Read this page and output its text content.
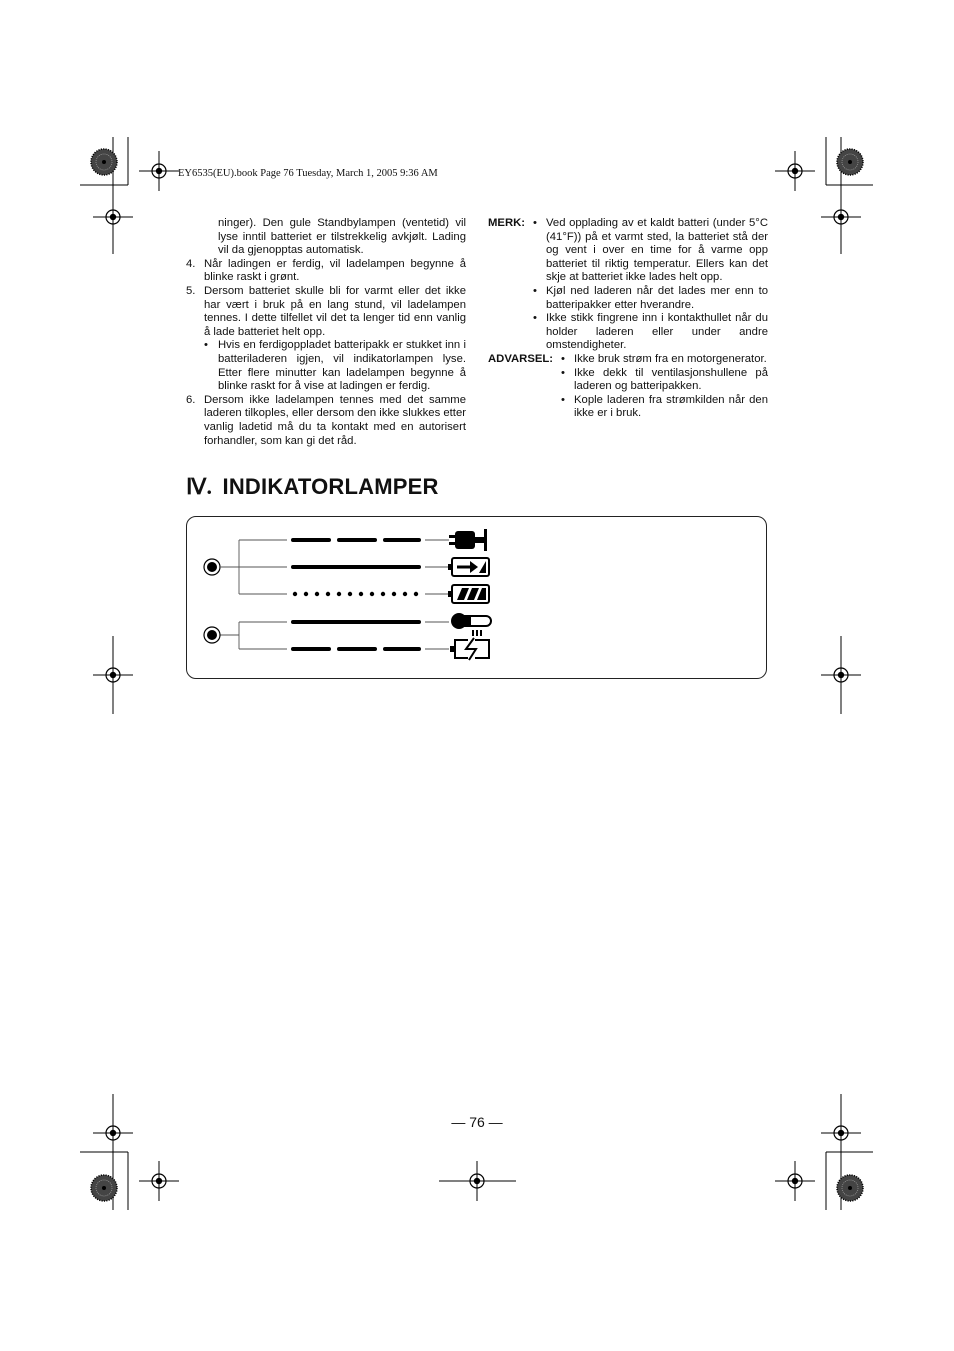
EY6535(EU).book Page 76 Tuesday, March 1, 2005 9:36 AM
ninger). Den gule Standbylampen (ventetid) vil lyse inntil batteriet er tilstrekkelig avkjølt. Lading vil da gjenopptas automatisk.
4. Når ladingen er ferdig, vil ladelampen begynne å blinke raskt i grønt.
5. Dersom batteriet skulle bli for varmt eller det ikke har vært i bruk på en lang stund, vil ladelampen tennes. I dette tilfellet vil det ta lenger tid enn vanlig å lade batteriet helt opp.
• Hvis en ferdigoppladet batteripakk er stukket inn i batteriladeren igjen, vil indikatorlampen lyse. Etter flere minutter kan ladelampen begynne å blinke raskt for å vise at ladingen er ferdig.
6. Dersom ikke ladelampen tennes med det samme laderen tilkoples, eller dersom den ikke slukkes etter vanlig ladetid må du ta kontakt med en autorisert forhandler, som kan gi det råd.
MERK: • Ved opplading av et kaldt batteri (under 5°C (41°F)) på et varmt sted, la batteriet stå der og vent i over en time for å varme opp batteriet til riktig temperatur. Ellers kan det skje at batteriet ikke lades helt opp.
• Kjøl ned laderen når det lades mer enn to batteripakker etter hverandre.
• Ikke stikk fingrene inn i kontakthullet når du holder laderen eller under andre omstendigheter.
ADVARSEL: • Ikke bruk strøm fra en motorgenerator.
• Ikke dekk til ventilasjonshullene på laderen og batteripakken.
• Kople laderen fra strømkilden når den ikke er i bruk.
Ⅳ. INDIKATORLAMPER
— 76 —
